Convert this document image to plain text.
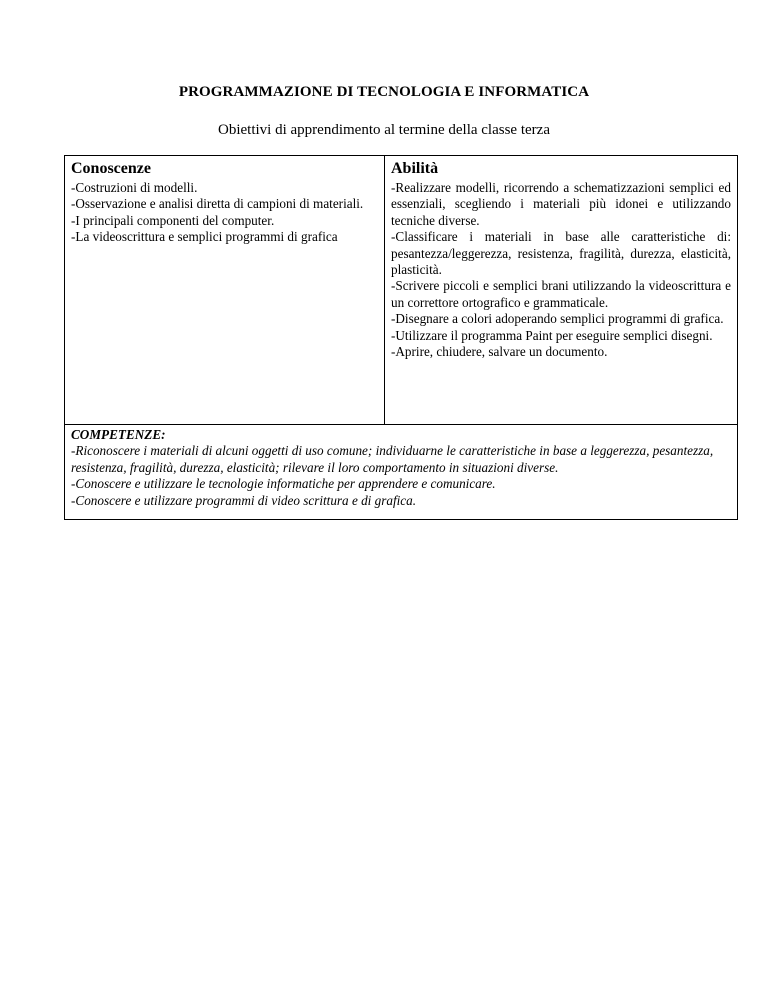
PROGRAMMAZIONE DI TECNOLOGIA E INFORMATICA
Obiettivi di apprendimento al termine della classe terza
Conoscenze
-Costruzioni di modelli.
-Osservazione e analisi diretta di campioni di materiali.
-I principali componenti del computer.
-La videoscrittura e semplici programmi di grafica
Abilità
-Realizzare modelli, ricorrendo a schematizzazioni semplici ed essenziali, scegliendo i materiali più idonei e utilizzando tecniche diverse.
-Classificare i materiali in base alle caratteristiche di: pesantezza/leggerezza, resistenza, fragilità, durezza, elasticità, plasticità.
-Scrivere piccoli e semplici brani utilizzando la videoscrittura e un correttore ortografico e grammaticale.
-Disegnare a colori adoperando semplici programmi di grafica.
-Utilizzare il programma Paint per eseguire semplici disegni.
-Aprire, chiudere, salvare un documento.
COMPETENZE:
-Riconoscere i materiali di alcuni oggetti di uso comune; individuarne le caratteristiche in base a leggerezza, pesantezza, resistenza, fragilità, durezza, elasticità; rilevare il loro comportamento in situazioni diverse.
-Conoscere e utilizzare le tecnologie informatiche per apprendere e comunicare.
-Conoscere e utilizzare programmi di video scrittura e di grafica.
